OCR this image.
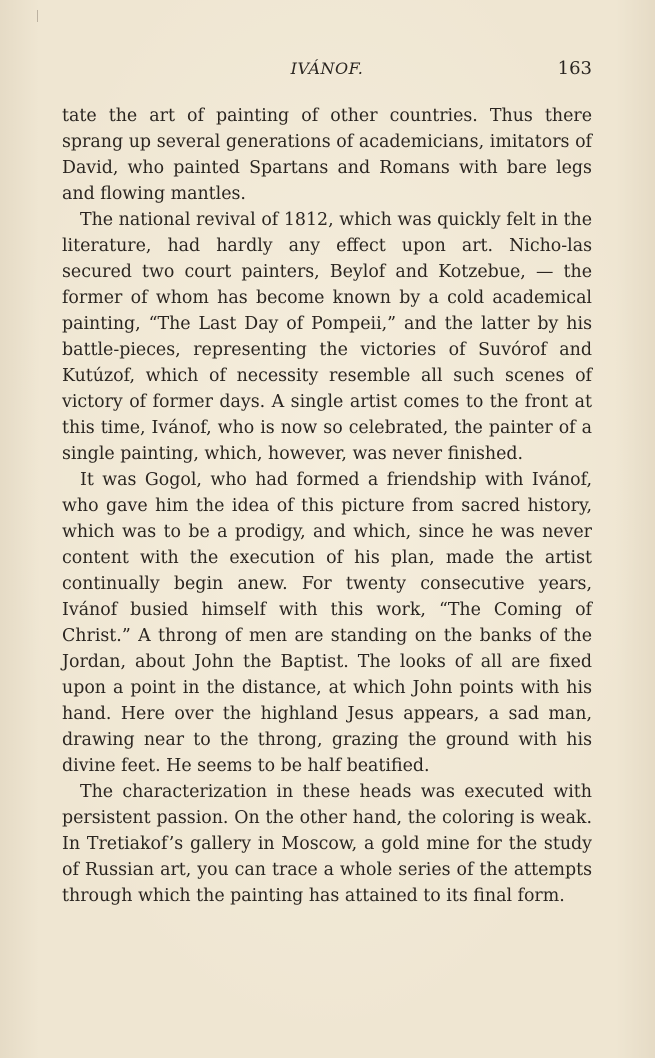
IVÁNOF.	163

tate the art of painting of other countries. Thus there sprang up several generations of academicians, imitators of David, who painted Spartans and Romans with bare legs and flowing mantles.

The national revival of 1812, which was quickly felt in the literature, had hardly any effect upon art. Nicho-las secured two court painters, Beylof and Kotzebue, — the former of whom has become known by a cold academical painting, “The Last Day of Pompeii,” and the latter by his battle-pieces, representing the victories of Suvórof and Kutúzof, which of necessity resemble all such scenes of victory of former days. A single artist comes to the front at this time, Ivánof, who is now so celebrated, the painter of a single painting, which, however, was never finished.

It was Gogol, who had formed a friendship with Ivánof, who gave him the idea of this picture from sacred history, which was to be a prodigy, and which, since he was never content with the execution of his plan, made the artist continually begin anew. For twenty consecutive years, Ivánof busied himself with this work, “The Coming of Christ.” A throng of men are standing on the banks of the Jordan, about John the Baptist. The looks of all are fixed upon a point in the distance, at which John points with his hand. Here over the highland Jesus appears, a sad man, drawing near to the throng, grazing the ground with his divine feet. He seems to be half beatified.

The characterization in these heads was executed with persistent passion. On the other hand, the coloring is weak. In Tretiakof’s gallery in Moscow, a gold mine for the study of Russian art, you can trace a whole series of the attempts through which the painting has attained to its final form.
